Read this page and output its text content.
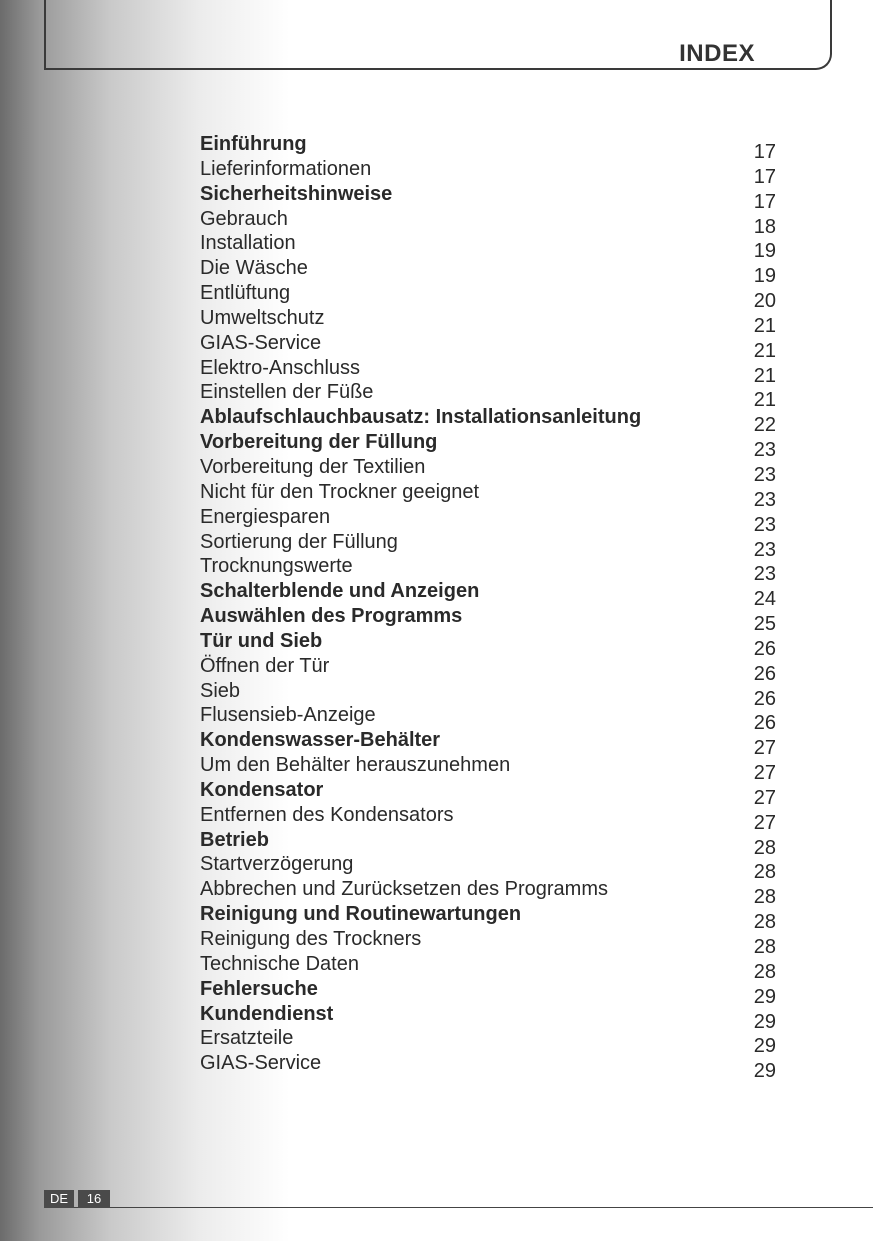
INDEX
Einführung
Lieferinformationen
Sicherheitshinweise
Gebrauch
Installation
Die Wäsche
Entlüftung
Umweltschutz
GIAS-Service
Elektro-Anschluss
Einstellen der Füße
Ablaufschlauchbausatz: Installationsanleitung
Vorbereitung der Füllung
Vorbereitung der Textilien
Nicht für den Trockner geeignet
Energiesparen
Sortierung der Füllung
Trocknungswerte
Schalterblende und Anzeigen
Auswählen des Programms
Tür und Sieb
Öffnen der Tür
Sieb
Flusensieb-Anzeige
Kondenswasser-Behälter
Um den Behälter herauszunehmen
Kondensator
Entfernen des Kondensators
Betrieb
Startverzögerung
Abbrechen und Zurücksetzen des Programms
Reinigung und Routinewartungen
Reinigung des Trockners
Technische Daten
Fehlersuche
Kundendienst
Ersatzteile
GIAS-Service
17
17
17
18
19
19
20
21
21
21
21
22
23
23
23
23
23
23
24
25
26
26
26
26
27
27
27
27
28
28
28
28
28
28
29
29
29
29
DE	16
